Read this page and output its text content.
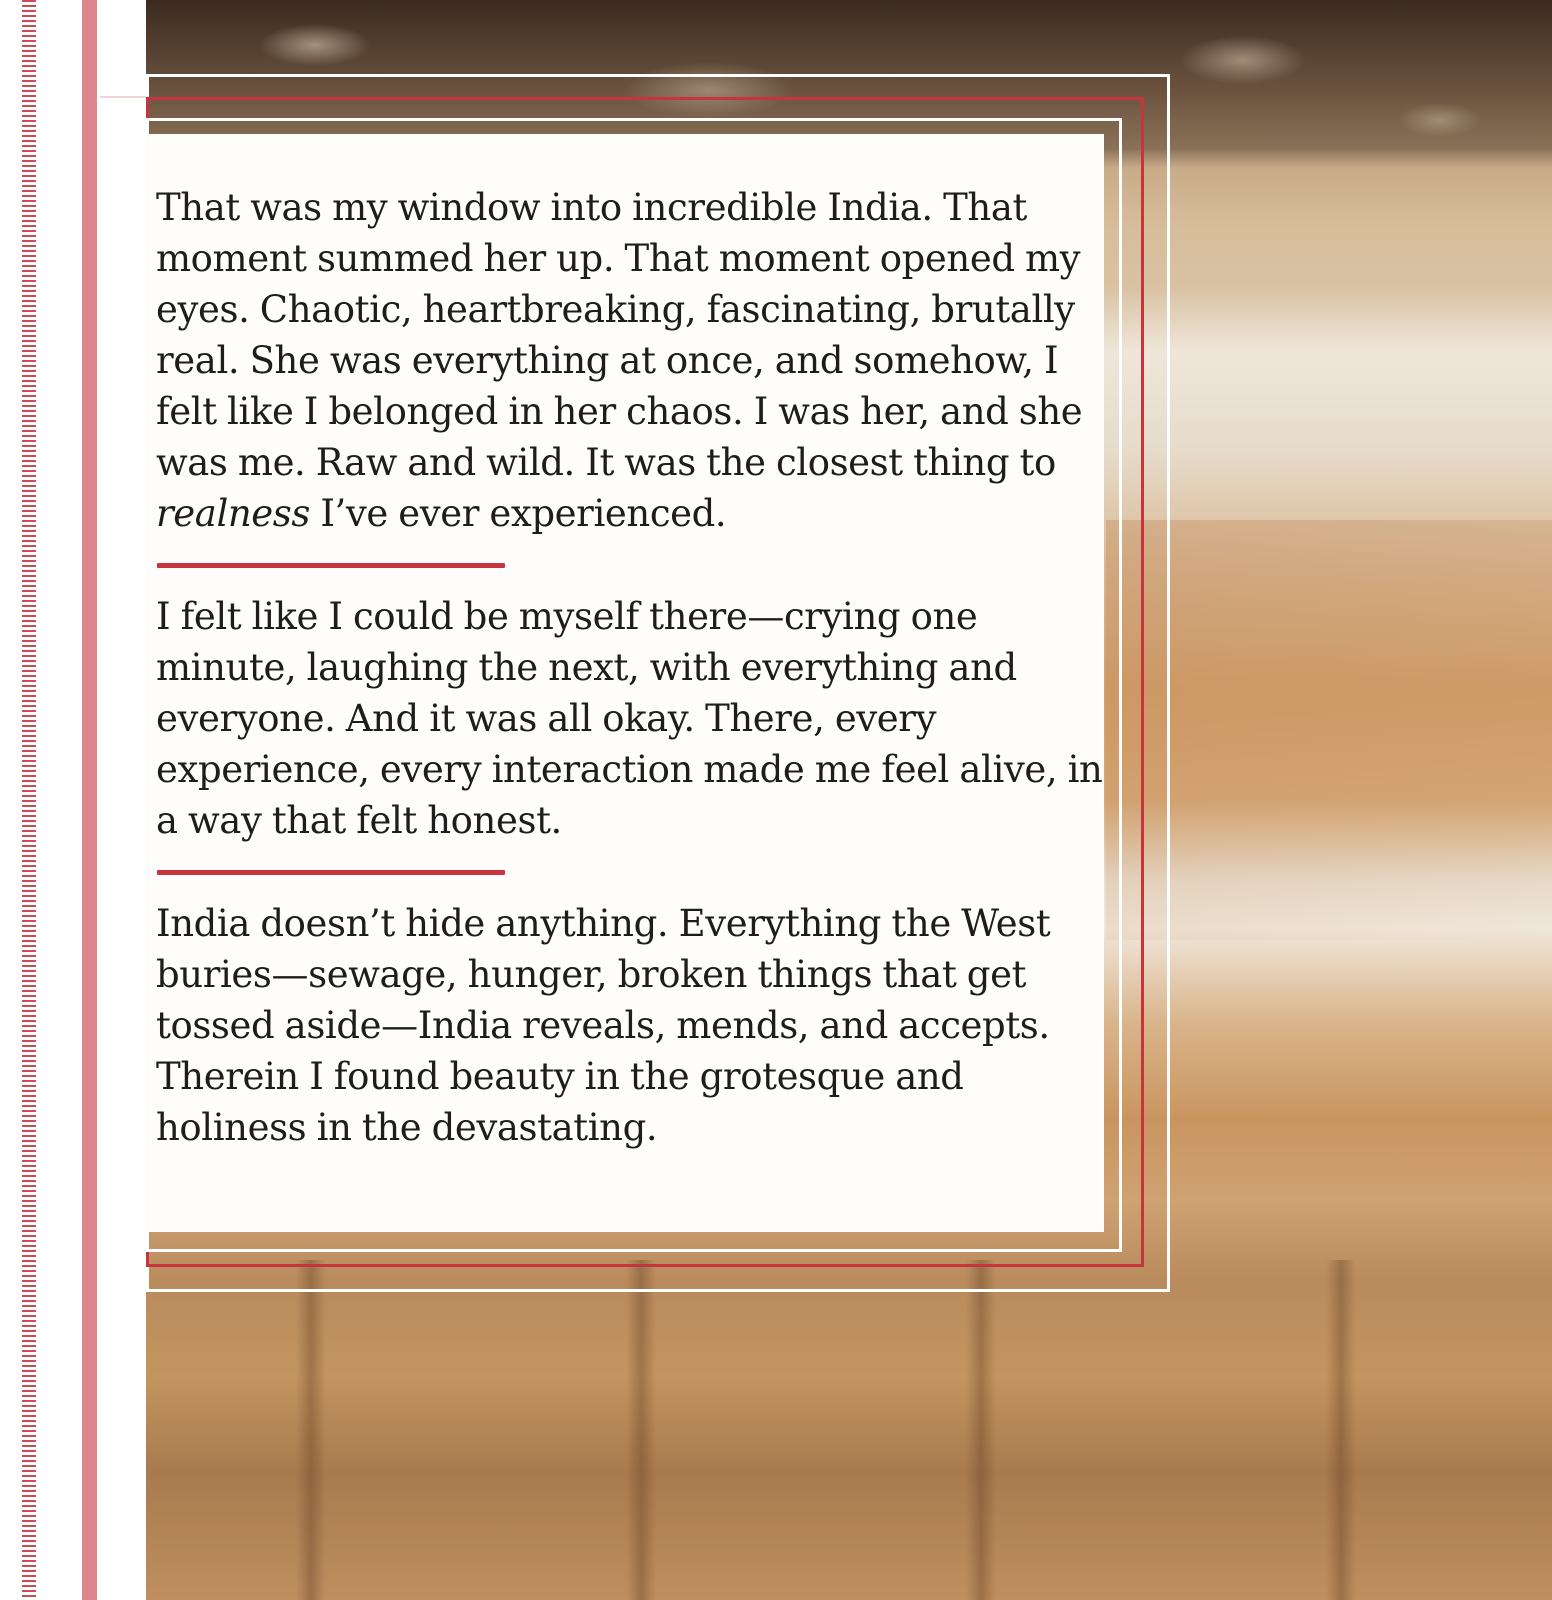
That was my window into incredible India. That moment summed her up. That moment opened my eyes. Chaotic, heartbreaking, fascinating, brutally real. She was everything at once, and somehow, I felt like I belonged in her chaos. I was her, and she was me. Raw and wild. It was the closest thing to realness I’ve ever experienced.

I felt like I could be myself there—crying one minute, laughing the next, with everything and everyone. And it was all okay. There, every experience, every interaction made me feel alive, in a way that felt honest.

India doesn’t hide anything. Everything the West buries—sewage, hunger, broken things that get tossed aside—India reveals, mends, and accepts. Therein I found beauty in the grotesque and holiness in the devastating.
